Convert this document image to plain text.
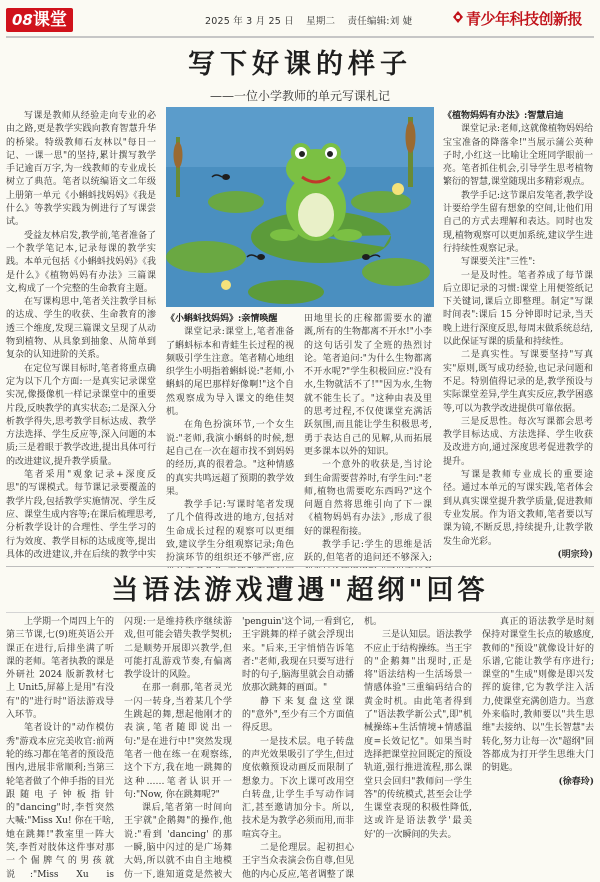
08课堂	2025 年 3 月 25 日 星期二 责任编辑:刘 婕	青少年科技创新报
写下好课的样子
——一位小学教师的单元写课札记

写课是教师从经验走向专业的必由之路,更是教学实践向教育智慧升华的桥梁。特级教师石友林以"每日一记、一课一思"的坚持,累计撰写教学手记逾百万字,为一线教师的专业成长树立了典范。笔者以统编语文二年级上册第一单元《小蝌蚪找妈妈》《我是什么》等教学实践为例进行了写课尝试。

受益友林启发,教学前,笔者准备了一个教学笔记本,记录每课的教学实践。本单元包括《小蝌蚪找妈妈》《我是什么》《植物妈妈有办法》三篇课文,构成了一个完整的生命教育主题。

在写课构思中,笔者关注教学目标的达成、学生的收获、生命教育的渗透三个维度,发现三篇课文呈现了从动物到植物、从具象到抽象、从简单到复杂的认知进阶的关系。

在定位写课目标时,笔者将重点确定为以下几个方面:一是真实记录课堂实况,像摄像机一样记录课堂中的重要片段,反映教学的真实状态;二是深入分析教学得失,思考教学目标达成、教学方法选择、学生反应等,深入问题的本质;三是着眼于教学改进,提出具体可行的改进建议,提升教学质量。

笔者采用"观象记录+深度反思"的写课模式。每节课记录要覆盖的教学片段,包括教学实施情况、学生反应、课堂生成内容等;在课后梳理思考,分析教学设计的合理性、学生学习的行为效度、教学目标的达成度等,提出具体的改进建议,并在后续的教学中实

《小蝌蚪找妈妈》:亲情唤醒

课堂记录:课堂上,笔者准备了蝌蚪标本和青蛙生长过程的视频吸引学生注意。笔者精心地组织学生小明指着蝌蚪说:"老师,小蝌蚪的尾巴那样好像啊!"这个自然观察成为导入课文的绝佳契机。

在角色扮演环节,一个女生说:"老师,我演小蝌蚪的时候,想起自己在一次在超市找不到妈妈的经历,真的很着急。"这种情感的真实共鸣远超了预期的教学效果。

教学手记:写课时笔者发现了几个值得改进的地方,包括对生命成长过程的观察可以更细致,建议学生分组观察记录;角色扮演环节的组织还不够严密,应

田地里长的庄稼都需要水的灌溉,所有的生物都离不开水!"小李的这句话引发了全班的热烈讨论。笔者追问:"为什么生物都离不开水呢?"学生积极回应:"没有水,生物就活不了!""因为水,生物就不能生长了。"这种由表及里的思考过程,不仅使课堂充满活跃氛围,而且能让学生积极思考,勇于表达自己的见解,从而拓展更多课本以外的知识。

一个意外的收获是,当讨论到生命需要营养时,有学生问:"老师,植物也需要吃东西吗?"这个问题自然将思维引向了下一课《植物妈妈有办法》,形成了很好的课程衔接。

教学手记:学生的思维是活跃的,但笔者的追问还不够深入;

《植物妈妈有办法》:智慧启迪

课堂记录:老师,这就像植物妈妈给宝宝准备的降落伞!"当展示蒲公英种子时,小红这一比喻让全班同学眼前一亮。笔者抓住机会,引导学生思考植物繁衍的智慧,课堂随现出多精彩观点。

教学手记:这节课启发笔者,教学设计要给学生留有想象的空间,让他们用自己的方式去理解和表达。同时也发现,植物观察可以更加系统,建议学生进行持续性观察记录。

写课要关注"三性":

一是及时性。笔者养成了每节课后立即记录的习惯:课堂上用便签纸记下关键词,课后立即整理。制定"写课时间表":课后 15 分钟即时记录,当天晚上进行深度反思,每周末做系统总结,以此保证写课的质量和持续性。

二是真实性。写课要坚持"写真实"原则,既写成功经验,也记录问题和不足。特别值得记录的是,教学预设与实际课堂差异,学生真实反应,教学困惑等,可以为教学改进提供可靠依据。

三是反思性。每次写课都会思考教学目标达成、方法选择、学生收获及改进方向,通过深度思考促进教学的提升。

写课是教师专业成长的重要途径。通过本单元的写课实践,笔者体会到从真实课堂提升教学质量,促进教师专业发展。作为语文教师,笔者要以写课为镜,不断反思,持续提升,让教学散发生命光彩。

(明宗玲)

当语法游戏遭遇"超纲"回答

上学期一个周四上午的第三节课,七(9)班英语公开课正在进行,后排坐满了听课的老师。笔者执教的课是外研社 2024 版新教材七上 Unit5,屏幕上是用"有没有"的"进行时"语法游戏导入环节。

笔者设计的"动作模仿秀"游戏本应完美收官:前两轮的练习都在笔者的预设范围内,进展非常顺利;当第三轮笔者做了个伸手指的目光跟随电子钟板指针的"dancing"时,李哲突然大喊:"Miss Xu! 你在干啥,她在跳舞!"教室里一阵大笑,李哲对肢体这件事对那一个倔脾气的男孩就说:"Miss Xu is

闪现:一是维持秩序继续游戏,但可能会错失教学契机;二是顺势开展即兴教学,但可能打乱游戏节奏,有偏离教学设计的风险。

在那一刹那,笔者灵光一闪一转身,当着某几个学生跳起的舞,想起他刚才的表演,笔者随即说出一句:"是在进行中!"突然发现笔者一他在练一在观察练,这个下方,我在地一跳舞的这种……笔者认识开一句:"Now, 你在跳舞呢?"

课后,笔者第一时间向王宇就"企鹅舞"的操作,他说:"看到 'dancing' 的那一瞬,脑中闪过的是广场舞大妈,所以就不由自主地模仿一下,谁知道竟是然被大

'penguin'这个词,一看到它,王宇跳舞的样子就会浮现出来。"后来,王宇悄悄告诉笔者:"老师,我现在只要写进行时的句子,脑海里就会自动播放那次跳舞的画面。"

静下来复盘这堂课的"意外",至少有三个方面值得反思。

一是技术层。电子转盘的声光效果吸引了学生,但过度依赖预设动画反而限制了想象力。下次上课可改用空白转盘,让学生手写动作词汇,甚至邀请加分卡。所以,技术是为教学必须而用,而非喧宾夺主。

二是伦理层。起初担心王宇当众表演会伤自尊,但见他的内心反应,笔者调整了课

机。

三是认知层。语法教学不应止于结构操练。当王宇的"企鹅舞"出现时,正是将"语法结构一生活场景一情感体验"三重编码结合的黄金时机。由此笔者得到了"语法教学新公式",即"机械操练+生活情境+情感温度=长效记忆"。如果当时选择把课堂拉回既定的预设轨道,强行推进流程,那么课堂只会回归"教师问一学生答"的传统模式,甚至会让学生课堂表现的积极性降低,这或许是语法教学'最美好'的一次瞬间的失去。

真正的语法教学是时刻保持对课堂生长点的敏感度,教师的"预设"就像设计好的乐谱,它能让教学有序进行;课堂的"生成"则像是即兴发挥的旋律,它为教学注入活力,使课堂充满创造力。当意外来临时,教师要以"共生思维"去接纳、以"生长智慧"去转化,努力让每一次"超纲"回答都成为打开学生思维大门的钥匙。

(徐春玲)
